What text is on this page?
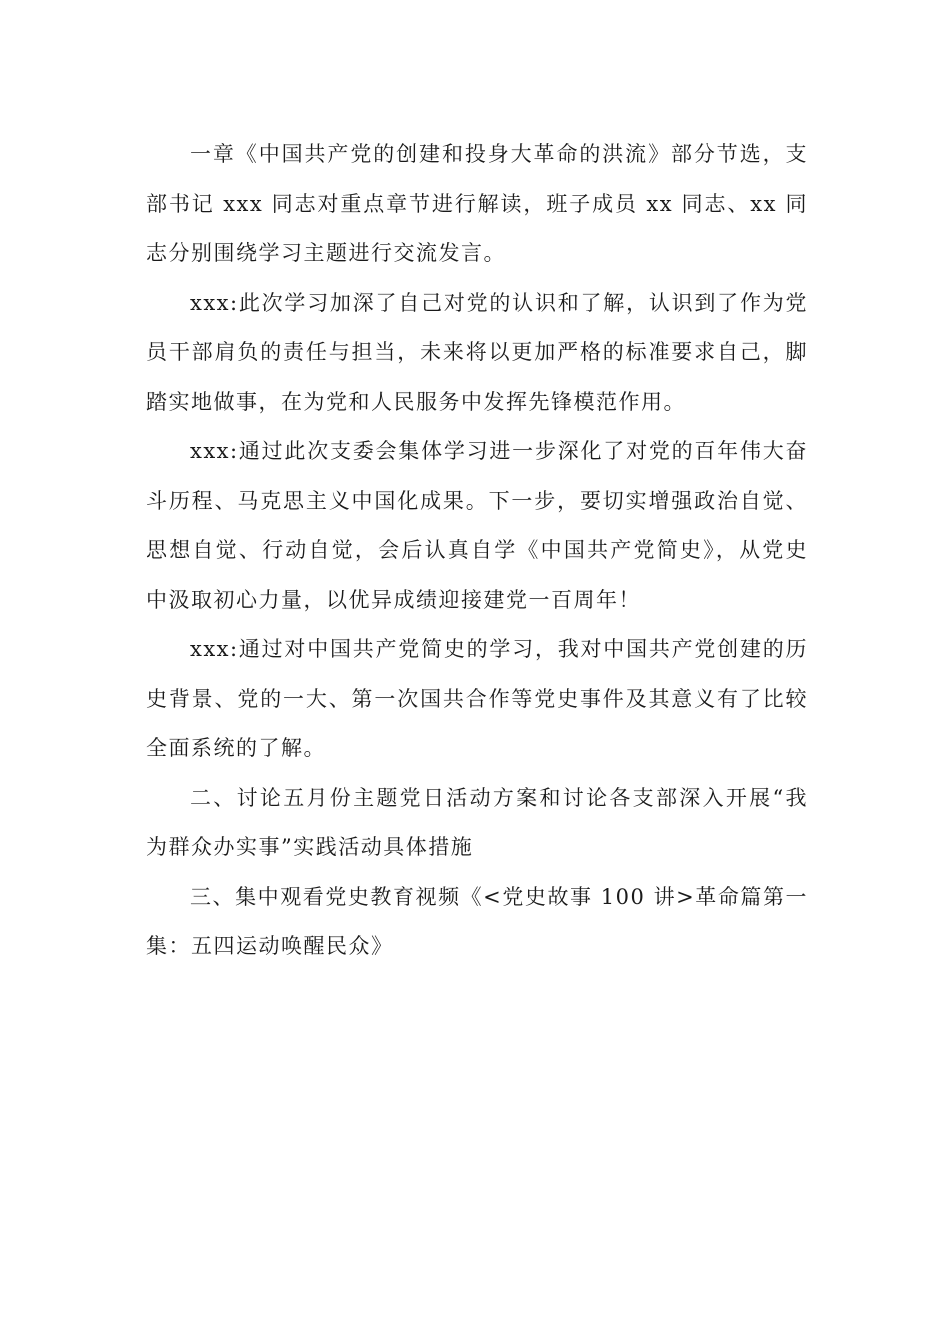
一章《中国共产党的创建和投身大革命的洪流》部分节选，支部书记 xxx 同志对重点章节进行解读，班子成员 xx 同志、xx 同志分别围绕学习主题进行交流发言。

xxx:此次学习加深了自己对党的认识和了解，认识到了作为党员干部肩负的责任与担当，未来将以更加严格的标准要求自己，脚踏实地做事，在为党和人民服务中发挥先锋模范作用。

xxx:通过此次支委会集体学习进一步深化了对党的百年伟大奋斗历程、马克思主义中国化成果。下一步，要切实增强政治自觉、思想自觉、行动自觉，会后认真自学《中国共产党简史》，从党史中汲取初心力量，以优异成绩迎接建党一百周年！

xxx:通过对中国共产党简史的学习，我对中国共产党创建的历史背景、党的一大、第一次国共合作等党史事件及其意义有了比较全面系统的了解。

二、讨论五月份主题党日活动方案和讨论各支部深入开展“我为群众办实事”实践活动具体措施

三、集中观看党史教育视频《<党史故事 100 讲>革命篇第一集：五四运动唤醒民众》
